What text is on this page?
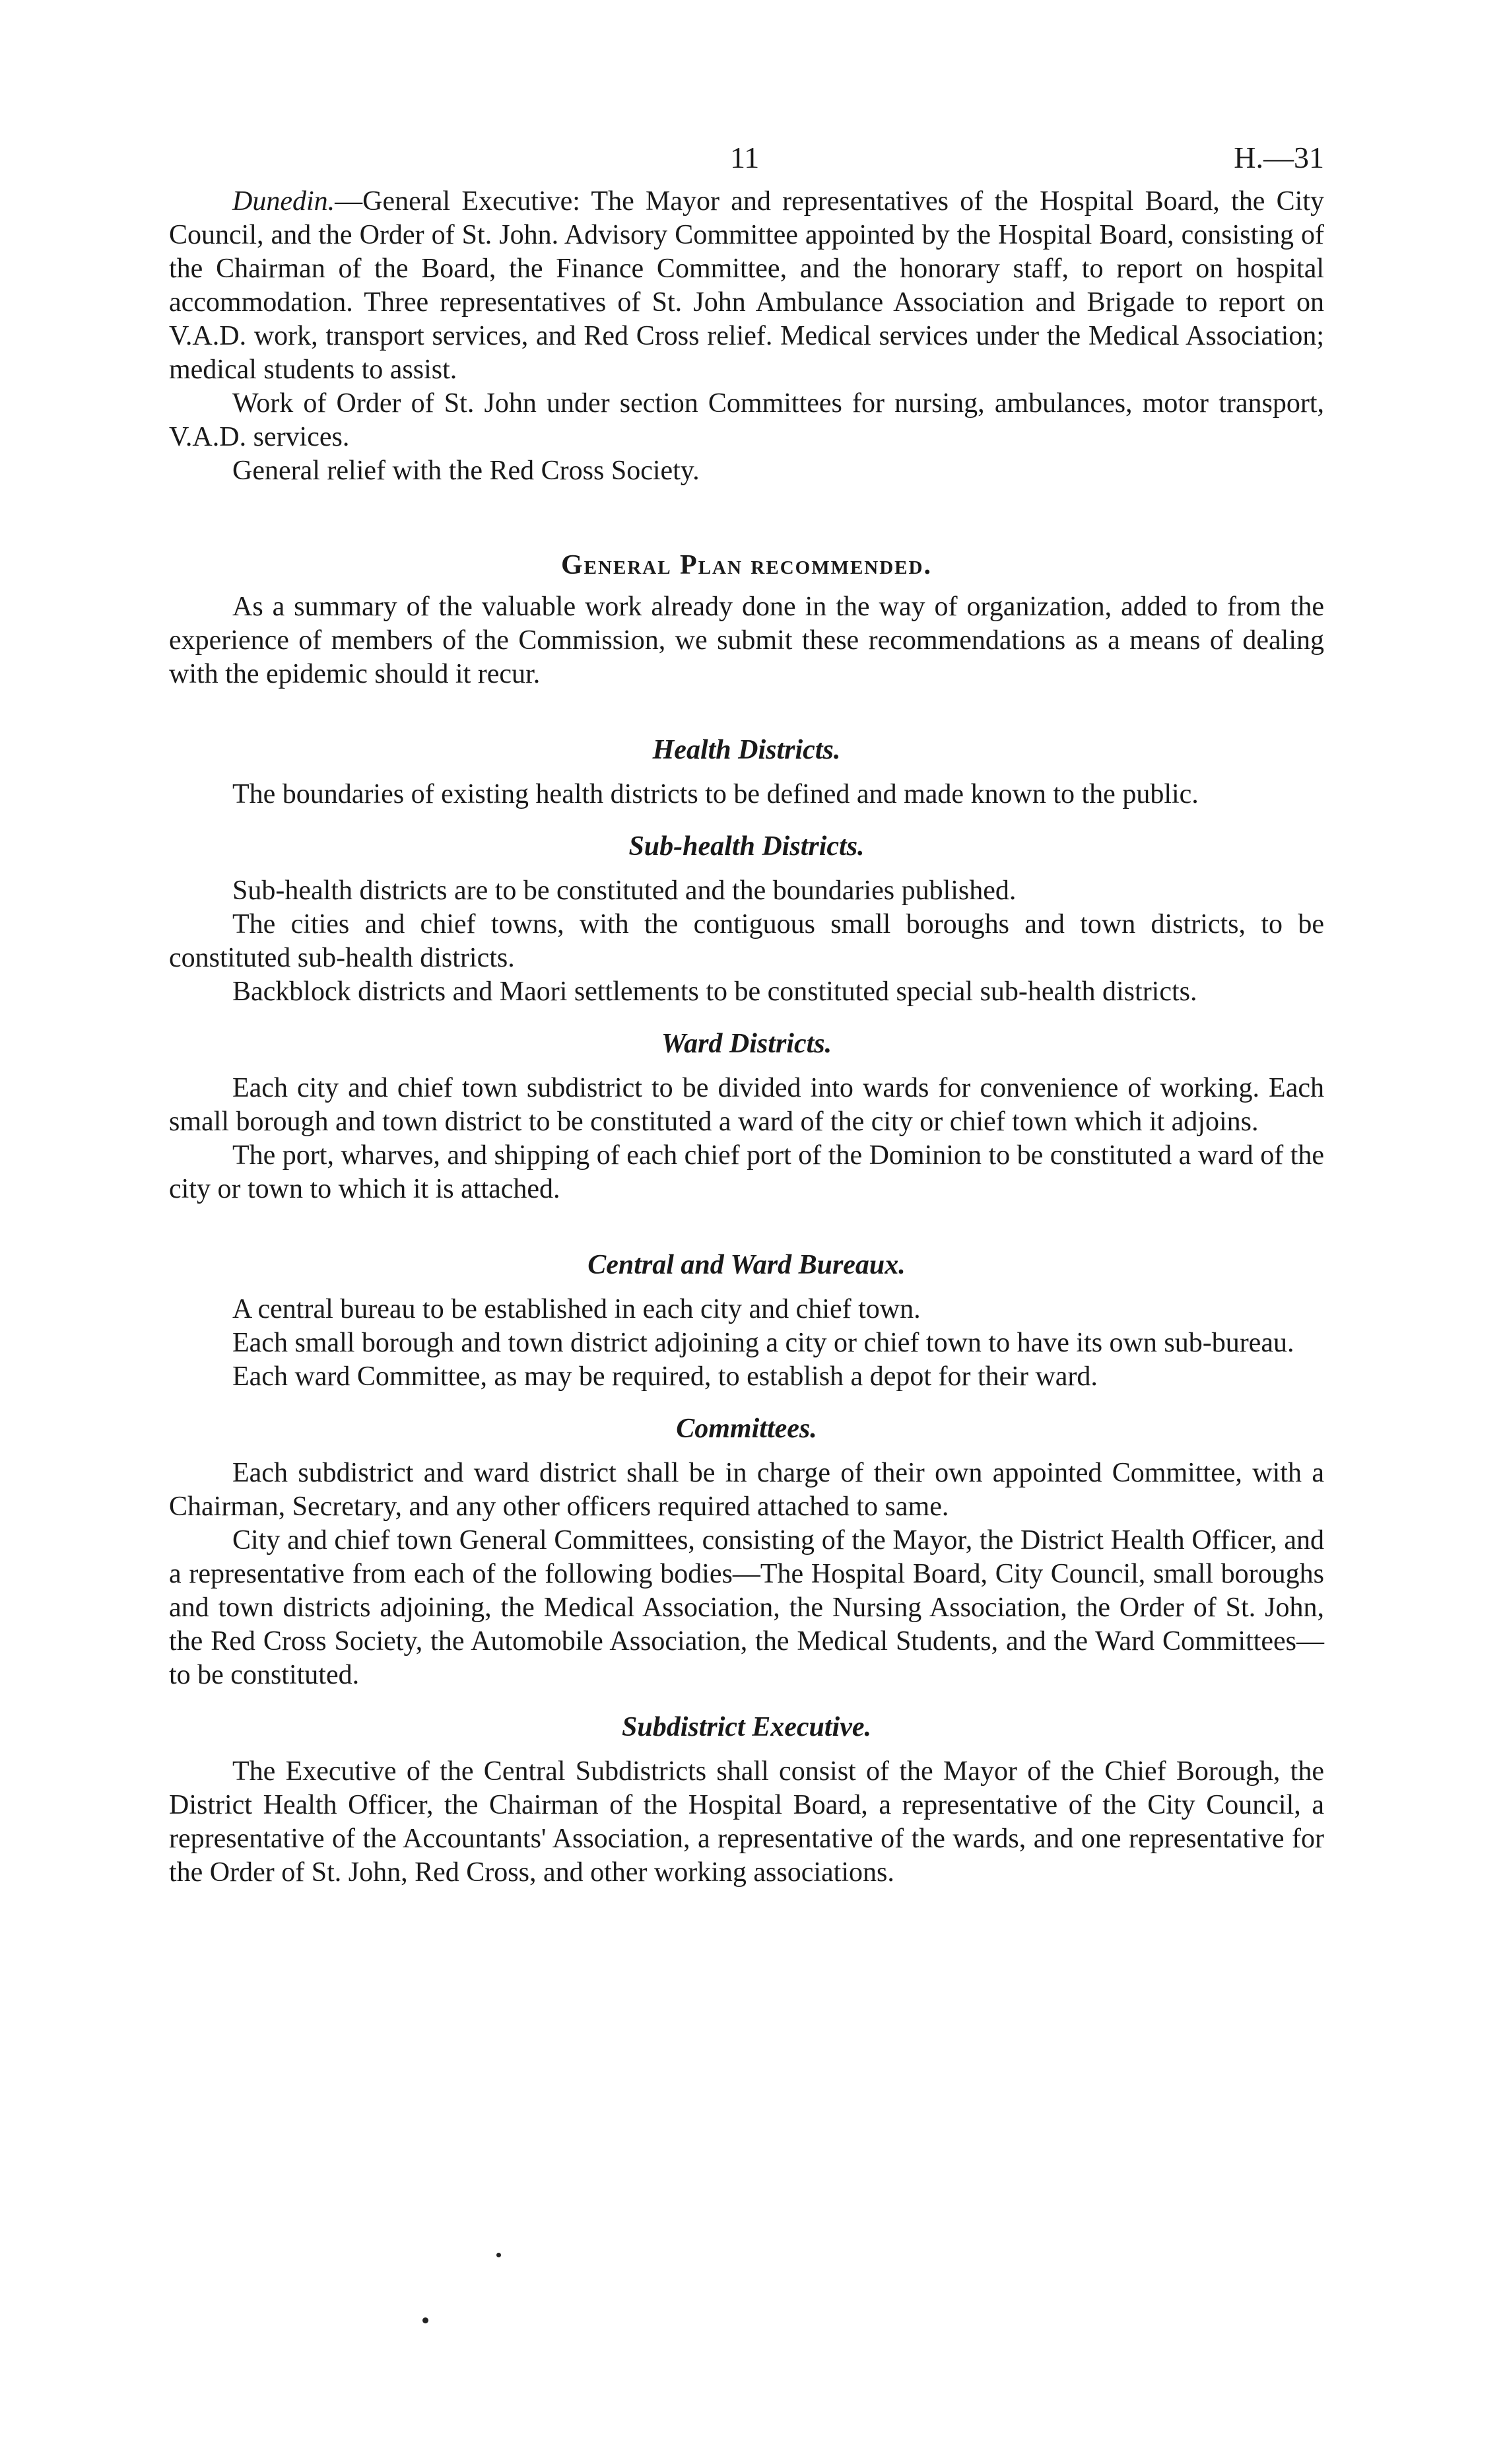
11	H.—31

Dunedin.—General Executive: The Mayor and representatives of the Hospital Board, the City Council, and the Order of St. John. Advisory Committee appointed by the Hospital Board, consisting of the Chairman of the Board, the Finance Committee, and the honorary staff, to report on hospital accommodation. Three representatives of St. John Ambulance Association and Brigade to report on V.A.D. work, transport services, and Red Cross relief. Medical services under the Medical Association; medical students to assist.

Work of Order of St. John under section Committees for nursing, ambulances, motor transport, V.A.D. services.

General relief with the Red Cross Society.

General Plan recommended.

As a summary of the valuable work already done in the way of organization, added to from the experience of members of the Commission, we submit these recommendations as a means of dealing with the epidemic should it recur.

Health Districts.

The boundaries of existing health districts to be defined and made known to the public.

Sub-health Districts.

Sub-health districts are to be constituted and the boundaries published.

The cities and chief towns, with the contiguous small boroughs and town districts, to be constituted sub-health districts.

Backblock districts and Maori settlements to be constituted special sub-health districts.

Ward Districts.

Each city and chief town subdistrict to be divided into wards for convenience of working. Each small borough and town district to be constituted a ward of the city or chief town which it adjoins.

The port, wharves, and shipping of each chief port of the Dominion to be constituted a ward of the city or town to which it is attached.

Central and Ward Bureaux.

A central bureau to be established in each city and chief town.

Each small borough and town district adjoining a city or chief town to have its own sub-bureau.

Each ward Committee, as may be required, to establish a depot for their ward.

Committees.

Each subdistrict and ward district shall be in charge of their own appointed Committee, with a Chairman, Secretary, and any other officers required attached to same.

City and chief town General Committees, consisting of the Mayor, the District Health Officer, and a representative from each of the following bodies—The Hospital Board, City Council, small boroughs and town districts adjoining, the Medical Association, the Nursing Association, the Order of St. John, the Red Cross Society, the Automobile Association, the Medical Students, and the Ward Committees—to be constituted.

Subdistrict Executive.

The Executive of the Central Subdistricts shall consist of the Mayor of the Chief Borough, the District Health Officer, the Chairman of the Hospital Board, a representative of the City Council, a representative of the Accountants' Association, a representative of the wards, and one representative for the Order of St. John, Red Cross, and other working associations.
